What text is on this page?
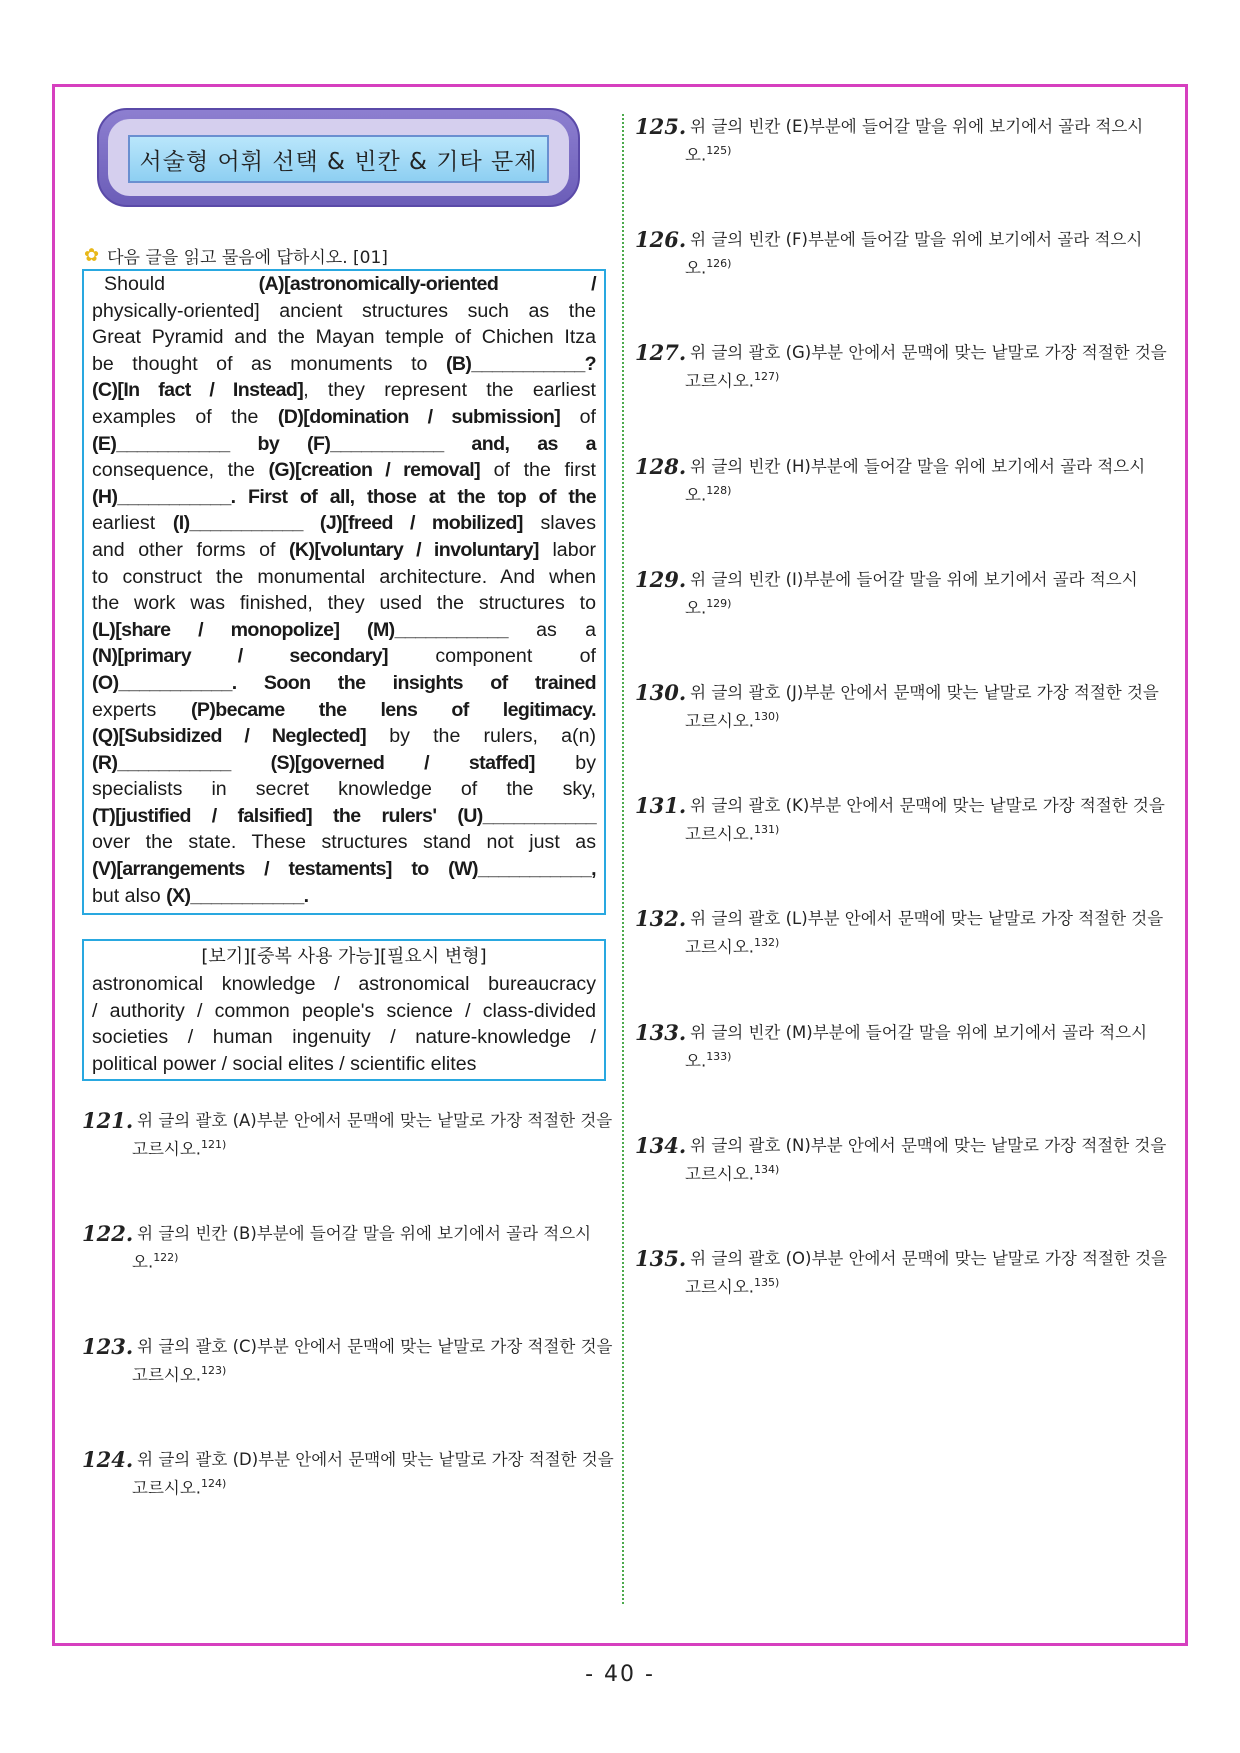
서술형 어휘 선택 & 빈칸 & 기타 문제
✿ 다음 글을 읽고 물음에 답하시오. [01]
Should (A)[astronomically-oriented /
physically-oriented] ancient structures such as the
Great Pyramid and the Mayan temple of Chichen Itza
be thought of as monuments to (B)___________?
(C)[In fact / Instead], they represent the earliest
examples of the (D)[domination / submission] of
(E)___________ by (F)___________ and, as a
consequence, the (G)[creation / removal] of the first
(H)___________. First of all, those at the top of the
earliest (I)___________ (J)[freed / mobilized] slaves
and other forms of (K)[voluntary / involuntary] labor
to construct the monumental architecture. And when
the work was finished, they used the structures to
(L)[share / monopolize] (M)___________ as a
(N)[primary / secondary] component of
(O)___________. Soon the insights of trained
experts (P)became the lens of legitimacy.
(Q)[Subsidized / Neglected] by the rulers, a(n)
(R)___________ (S)[governed / staffed] by
specialists in secret knowledge of the sky,
(T)[justified / falsified] the rulers' (U)___________
over the state. These structures stand not just as
(V)[arrangements / testaments] to (W)___________,
but also (X)___________.
[보기][중복 사용 가능][필요시 변형]
astronomical knowledge / astronomical bureaucracy
/ authority / common people's science / class-divided
societies / human ingenuity / nature-knowledge /
political power / social elites / scientific elites
121. 위 글의 괄호 (A)부분 안에서 문맥에 맞는 낱말로 가장 적절한 것을
고르시오.$^{121)}$
122. 위 글의 빈칸 (B)부분에 들어갈 말을 위에 보기에서 골라 적으시
오.$^{122)}$
123. 위 글의 괄호 (C)부분 안에서 문맥에 맞는 낱말로 가장 적절한 것을
고르시오.$^{123)}$
124. 위 글의 괄호 (D)부분 안에서 문맥에 맞는 낱말로 가장 적절한 것을
고르시오.$^{124)}$
125. 위 글의 빈칸 (E)부분에 들어갈 말을 위에 보기에서 골라 적으시
오.$^{125)}$
126. 위 글의 빈칸 (F)부분에 들어갈 말을 위에 보기에서 골라 적으시
오.$^{126)}$
127. 위 글의 괄호 (G)부분 안에서 문맥에 맞는 낱말로 가장 적절한 것을
고르시오.$^{127)}$
128. 위 글의 빈칸 (H)부분에 들어갈 말을 위에 보기에서 골라 적으시
오.$^{128)}$
129. 위 글의 빈칸 (I)부분에 들어갈 말을 위에 보기에서 골라 적으시
오.$^{129)}$
130. 위 글의 괄호 (J)부분 안에서 문맥에 맞는 낱말로 가장 적절한 것을
고르시오.$^{130)}$
131. 위 글의 괄호 (K)부분 안에서 문맥에 맞는 낱말로 가장 적절한 것을
고르시오.$^{131)}$
132. 위 글의 괄호 (L)부분 안에서 문맥에 맞는 낱말로 가장 적절한 것을
고르시오.$^{132)}$
133. 위 글의 빈칸 (M)부분에 들어갈 말을 위에 보기에서 골라 적으시
오.$^{133)}$
134. 위 글의 괄호 (N)부분 안에서 문맥에 맞는 낱말로 가장 적절한 것을
고르시오.$^{134)}$
135. 위 글의 괄호 (O)부분 안에서 문맥에 맞는 낱말로 가장 적절한 것을
고르시오.$^{135)}$
- 40 -
